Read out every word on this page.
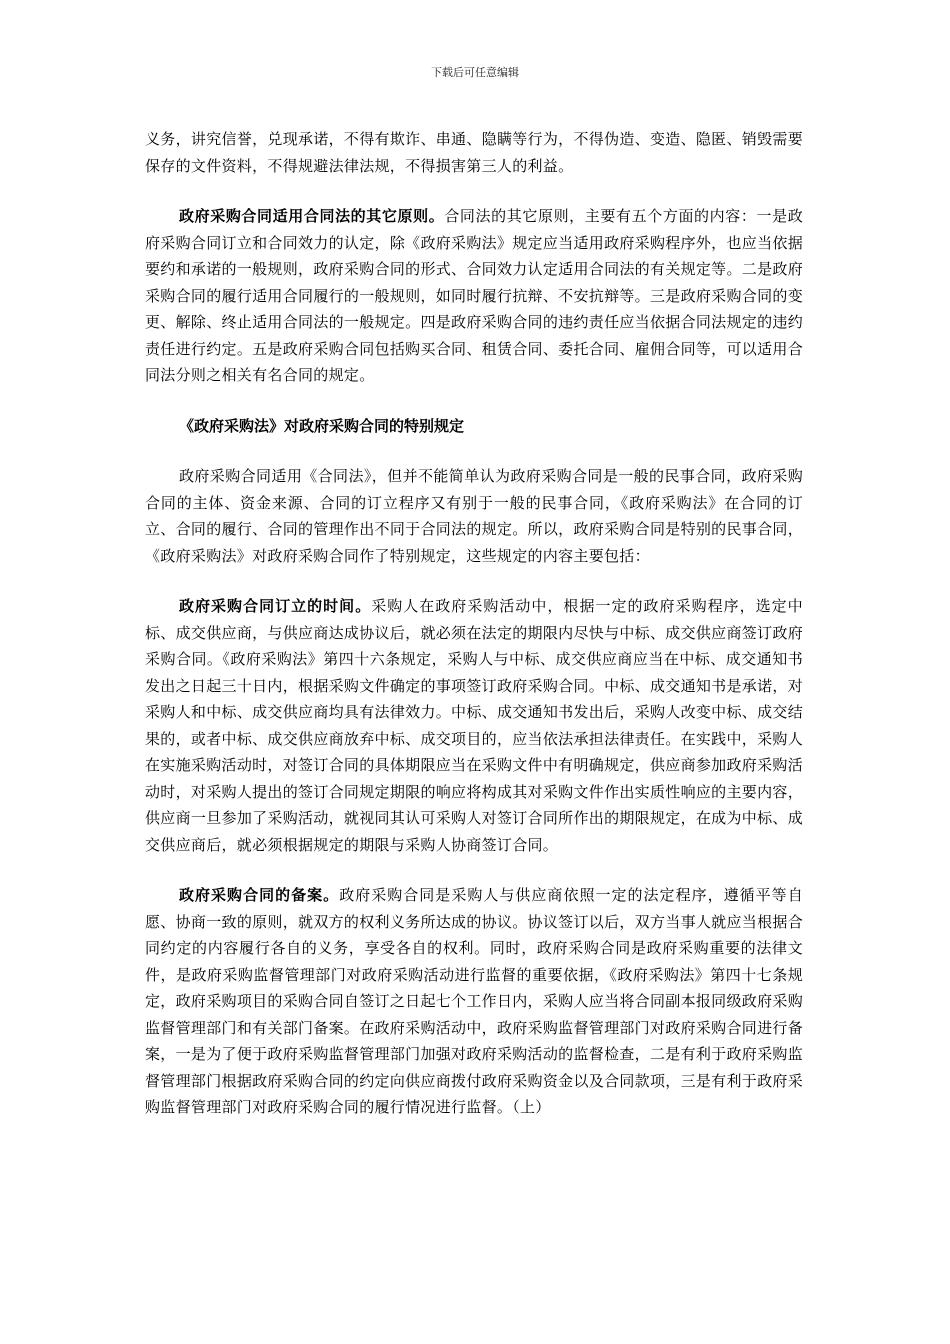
下载后可任意编辑

义务，讲究信誉，兑现承诺，不得有欺诈、串通、隐瞒等行为，不得伪造、变造、隐匿、销毁需要保存的文件资料，不得规避法律法规，不得损害第三人的利益。

政府采购合同适用合同法的其它原则。合同法的其它原则，主要有五个方面的内容：一是政府采购合同订立和合同效力的认定，除《政府采购法》规定应当适用政府采购程序外，也应当依据要约和承诺的一般规则，政府采购合同的形式、合同效力认定适用合同法的有关规定等。二是政府采购合同的履行适用合同履行的一般规则，如同时履行抗辩、不安抗辩等。三是政府采购合同的变更、解除、终止适用合同法的一般规定。四是政府采购合同的违约责任应当依据合同法规定的违约责任进行约定。五是政府采购合同包括购买合同、租赁合同、委托合同、雇佣合同等，可以适用合同法分则之相关有名合同的规定。

《政府采购法》对政府采购合同的特别规定

政府采购合同适用《合同法》，但并不能简单认为政府采购合同是一般的民事合同，政府采购合同的主体、资金来源、合同的订立程序又有别于一般的民事合同，《政府采购法》在合同的订立、合同的履行、合同的管理作出不同于合同法的规定。所以，政府采购合同是特别的民事合同，《政府采购法》对政府采购合同作了特别规定，这些规定的内容主要包括：

政府采购合同订立的时间。采购人在政府采购活动中，根据一定的政府采购程序，选定中标、成交供应商，与供应商达成协议后，就必须在法定的期限内尽快与中标、成交供应商签订政府采购合同。《政府采购法》第四十六条规定，采购人与中标、成交供应商应当在中标、成交通知书发出之日起三十日内，根据采购文件确定的事项签订政府采购合同。中标、成交通知书是承诺，对采购人和中标、成交供应商均具有法律效力。中标、成交通知书发出后，采购人改变中标、成交结果的，或者中标、成交供应商放弃中标、成交项目的，应当依法承担法律责任。在实践中，采购人在实施采购活动时，对签订合同的具体期限应当在采购文件中有明确规定，供应商参加政府采购活动时，对采购人提出的签订合同规定期限的响应将构成其对采购文件作出实质性响应的主要内容，供应商一旦参加了采购活动，就视同其认可采购人对签订合同所作出的期限规定，在成为中标、成交供应商后，就必须根据规定的期限与采购人协商签订合同。

政府采购合同的备案。政府采购合同是采购人与供应商依照一定的法定程序，遵循平等自愿、协商一致的原则，就双方的权利义务所达成的协议。协议签订以后，双方当事人就应当根据合同约定的内容履行各自的义务，享受各自的权利。同时，政府采购合同是政府采购重要的法律文件，是政府采购监督管理部门对政府采购活动进行监督的重要依据，《政府采购法》第四十七条规定，政府采购项目的采购合同自签订之日起七个工作日内，采购人应当将合同副本报同级政府采购监督管理部门和有关部门备案。在政府采购活动中，政府采购监督管理部门对政府采购合同进行备案，一是为了便于政府采购监督管理部门加强对政府采购活动的监督检查，二是有利于政府采购监督管理部门根据政府采购合同的约定向供应商拨付政府采购资金以及合同款项，三是有利于政府采购监督管理部门对政府采购合同的履行情况进行监督。（上）
